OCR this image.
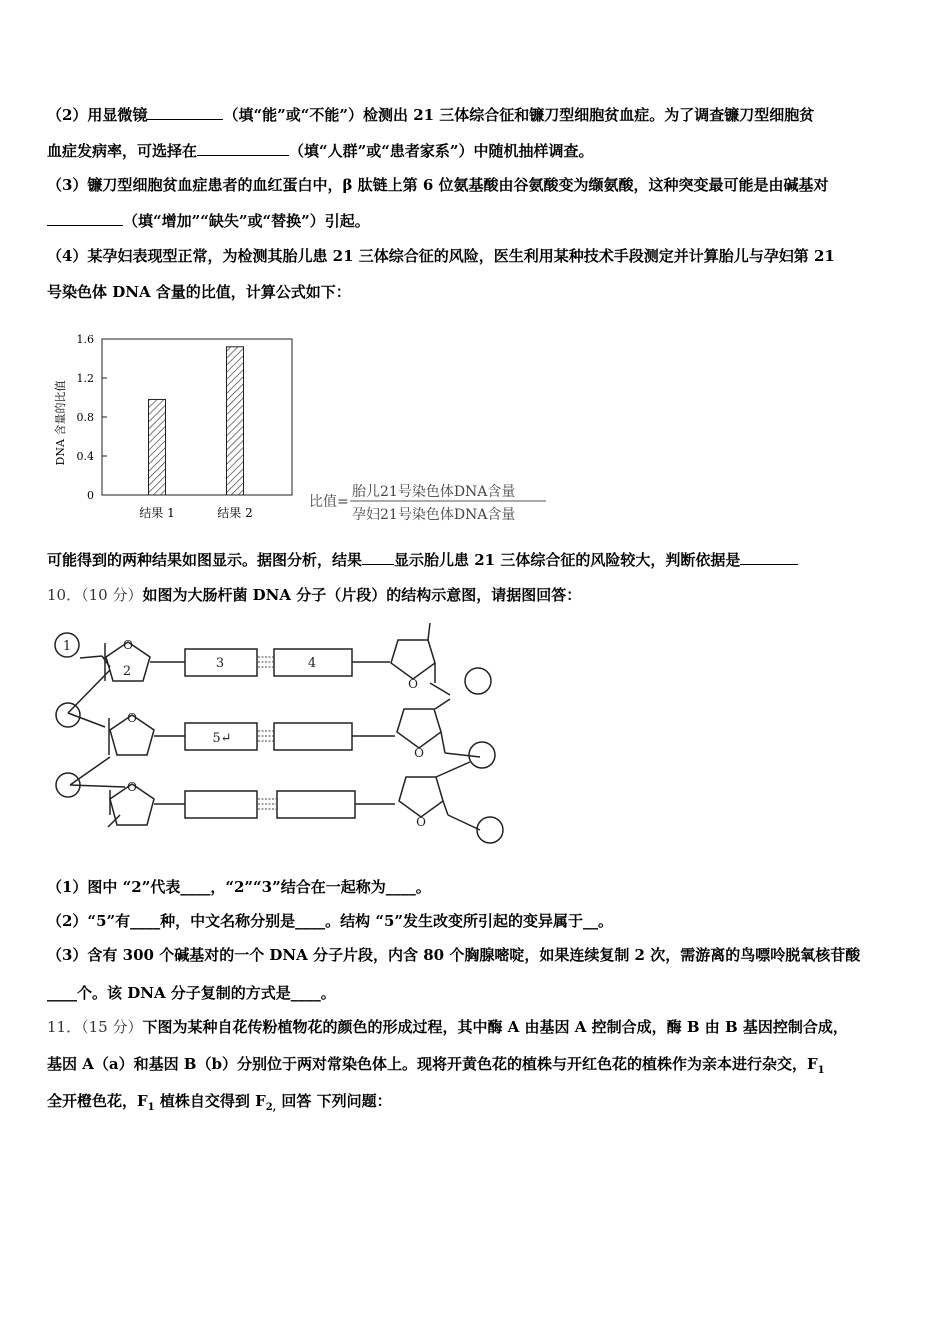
（2）用显微镜	（填“能”或“不能”）检测出 21 三体综合征和镰刀型细胞贫血症。为了调查镰刀型细胞贫
血症发病率，可选择在	（填“人群”或“患者家系”）中随机抽样调查。
（3）镰刀型细胞贫血症患者的血红蛋白中，β 肽链上第 6 位氨基酸由谷氨酸变为缬氨酸，这种突变最可能是由碱基对
（填“增加”“缺失”或“替换”）引起。
（4）某孕妇表现型正常，为检测其胎儿患 21 三体综合征的风险，医生利用某种技术手段测定并计算胎儿与孕妇第 21
号染色体 DNA 含量的比值，计算公式如下：
DNA 含量的比值
0
0.4
0.8
1.2
1.6
结果 1	结果 2
比值=
胎儿21号染色体DNA含量
孕妇21号染色体DNA含量
可能得到的两种结果如图显示。据图分析，结果 显示胎儿患 21 三体综合征的风险较大，判断依据是
10．（10 分）如图为大肠杆菌 DNA 分子（片段）的结构示意图，请据图回答：
O
O
O
O
O
O
1
2
3	4
5↵
（1）图中 “2”代表____，“2”“3”结合在一起称为____。
（2）“5”有____种，中文名称分别是____。结构 “5”发生改变所引起的变异属于__。
（3）含有 300 个碱基对的一个 DNA 分子片段，内含 80 个胸腺嘧啶，如果连续复制 2 次，需游离的鸟嘌呤脱氧核苷酸
____个。该 DNA 分子复制的方式是____。
11．（15 分）下图为某种自花传粉植物花的颜色的形成过程，其中酶 A 由基因 A 控制合成，酶 B 由 B 基因控制合成，
基因 A（a）和基因 B（b）分别位于两对常染色体上。现将开黄色花的植株与开红色花的植株作为亲本进行杂交，$F_1$
全开橙色花，$F_1$ 植株自交得到 $F_{2,}$ 回答 下列问题：
